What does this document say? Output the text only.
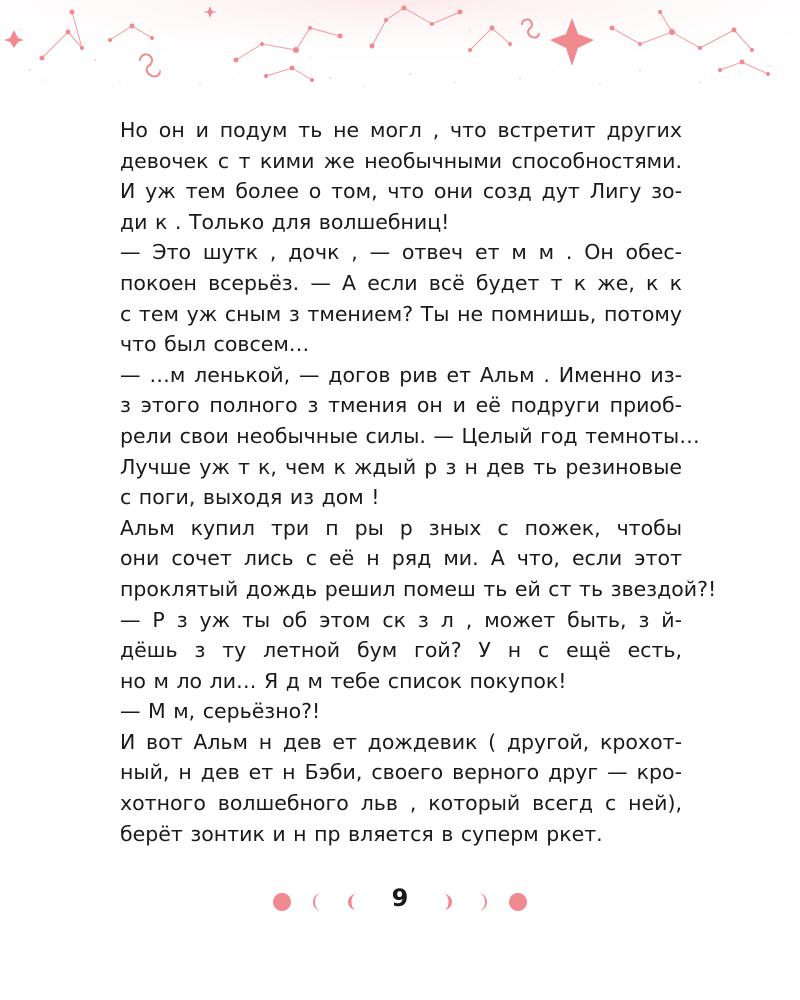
Но он и подум ть не могл , что встретит других
девочек с т кими же необычными способностями.
И уж тем более о том, что они созд дут Лигу зо-
ди к . Только для волшебниц!
— Это шутк , дочк , — отвеч ет м м . Он обес-
покоен всерьёз. — А если всё будет т к же, к к
с тем уж сным з тмением? Ты не помнишь, потому
что был совсем…
— …м ленькой, — догов рив ет Альм . Именно из-
з этого полного з тмения он и её подруги приоб-
рели свои необычные силы. — Целый год темноты…
Лучше уж т к, чем к ждый р з н дев ть резиновые
с поги, выходя из дом !
Альм купил три п ры р зных с пожек, чтобы
они сочет лись с её н ряд ми. А что, если этот
проклятый дождь решил помеш ть ей ст ть звездой?!
— Р з уж ты об этом ск з л , может быть, з й-
дёшь з ту летной бум гой? У н с ещё есть,
но м ло ли… Я д м тебе список покупок!
— М м, серьёзно?!
И вот Альм н дев ет дождевик ( другой, крохот-
ный, н дев ет н Бэби, своего верного друг — кро-
хотного волшебного льв , который всегд с ней),
берёт зонтик и н пр вляется в суперм ркет.
9
